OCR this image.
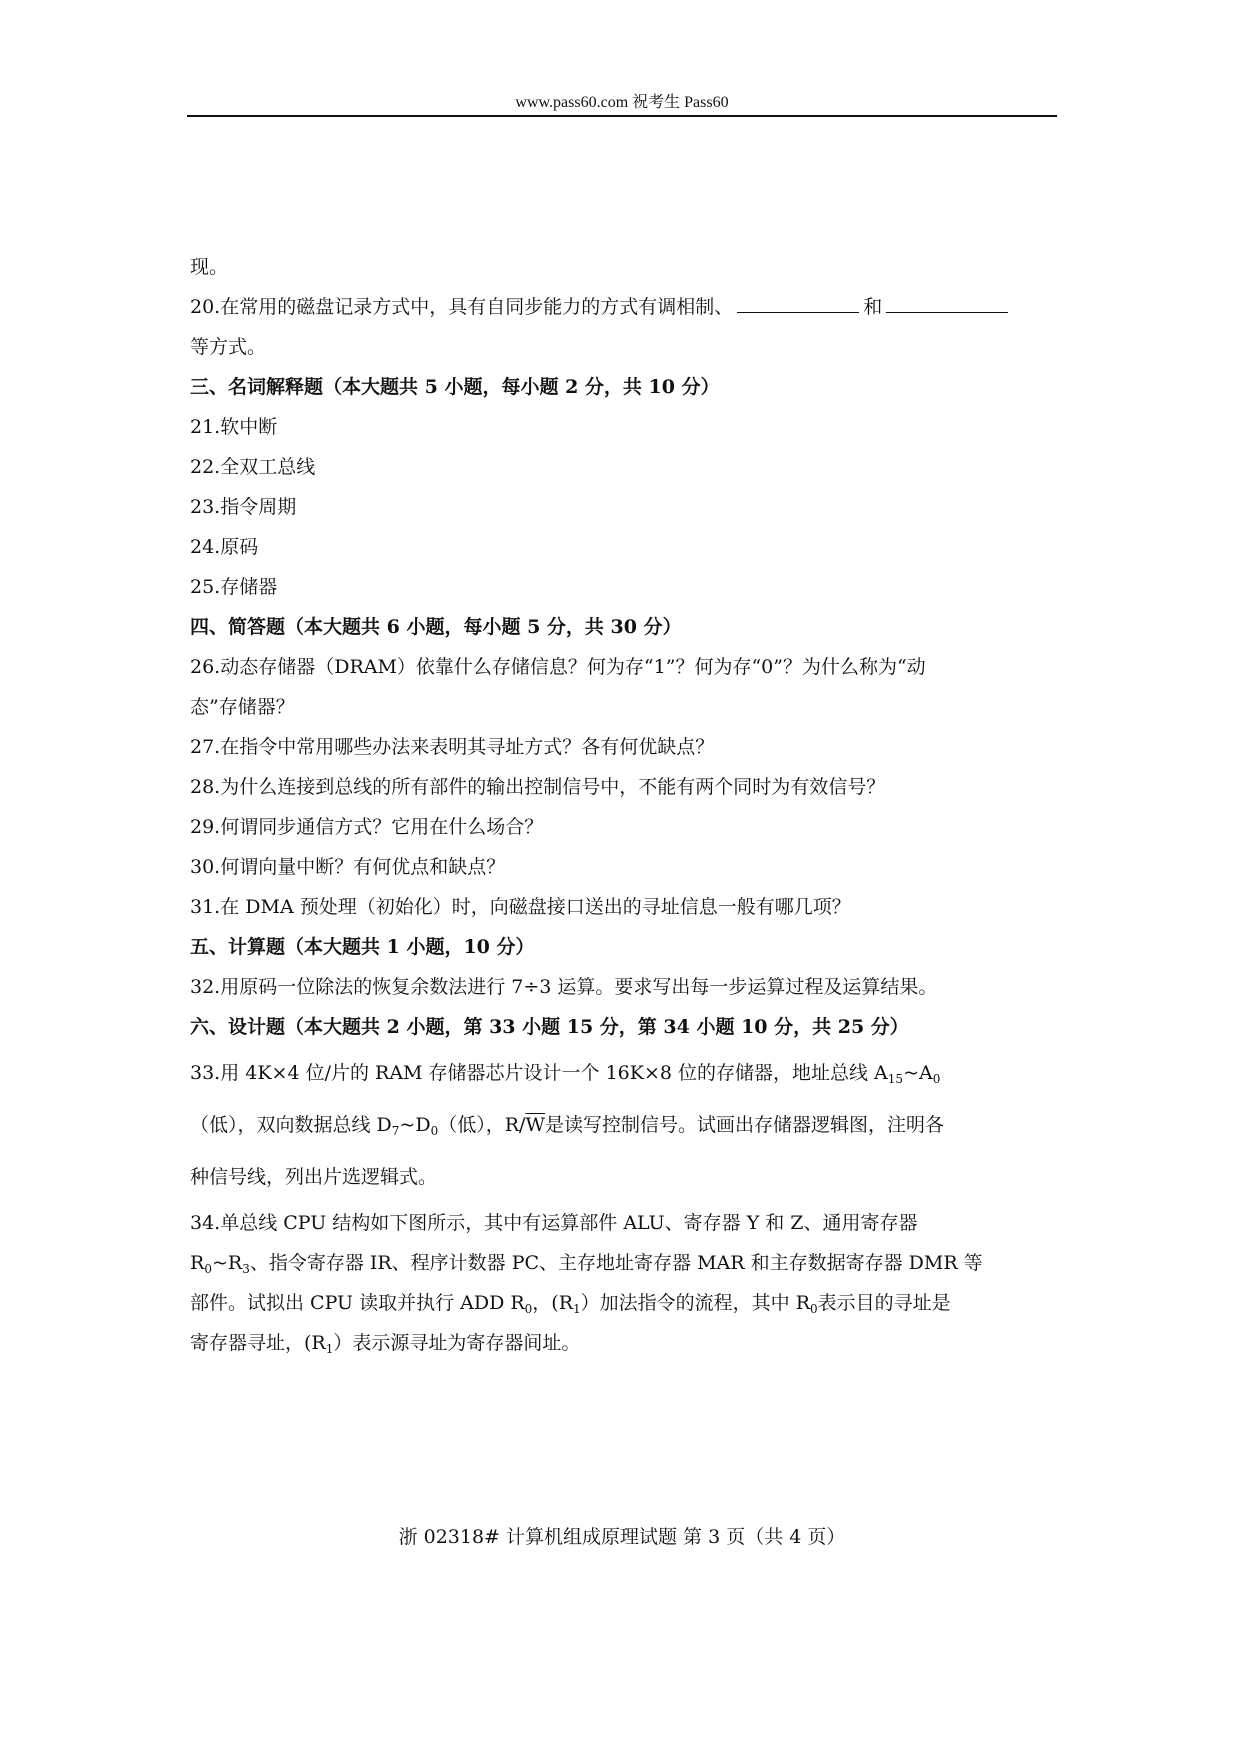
www.pass60.com 祝考生 Pass60

现。

20.在常用的磁盘记录方式中，具有自同步能力的方式有调相制、	和

等方式。

三、名词解释题（本大题共 5 小题，每小题 2 分，共 10 分）

21.软中断

22.全双工总线

23.指令周期

24.原码

25.存储器

四、简答题（本大题共 6 小题，每小题 5 分，共 30 分）

26.动态存储器（DRAM）依靠什么存储信息？何为存“1”？何为存“0”？为什么称为“动

态”存储器？

27.在指令中常用哪些办法来表明其寻址方式？各有何优缺点？

28.为什么连接到总线的所有部件的输出控制信号中，不能有两个同时为有效信号？

29.何谓同步通信方式？它用在什么场合？

30.何谓向量中断？有何优点和缺点？

31.在 DMA 预处理（初始化）时，向磁盘接口送出的寻址信息一般有哪几项？

五、计算题（本大题共 1 小题，10 分）

32.用原码一位除法的恢复余数法进行 7÷3 运算。要求写出每一步运算过程及运算结果。

六、设计题（本大题共 2 小题，第 33 小题 15 分，第 34 小题 10 分，共 25 分）

33.用 4K×4 位/片的 RAM 存储器芯片设计一个 16K×8 位的存储器，地址总线 $A_{15}\sim A_0$

（低），双向数据总线 $D_7\sim D_0$（低），$R/\overline{W}$是读写控制信号。试画出存储器逻辑图，注明各

种信号线，列出片选逻辑式。

34.单总线 CPU 结构如下图所示，其中有运算部件 ALU、寄存器 Y 和 Z、通用寄存器

$R_0\sim R_3$、指令寄存器 IR、程序计数器 PC、主存地址寄存器 MAR 和主存数据寄存器 DMR 等

部件。试拟出 CPU 读取并执行 ADD $R_0$，$(R_1)$加法指令的流程，其中 $R_0$表示目的寻址是

寄存器寻址，$(R_1)$表示源寻址为寄存器间址。

浙 02318# 计算机组成原理试题 第 3 页（共 4 页）
